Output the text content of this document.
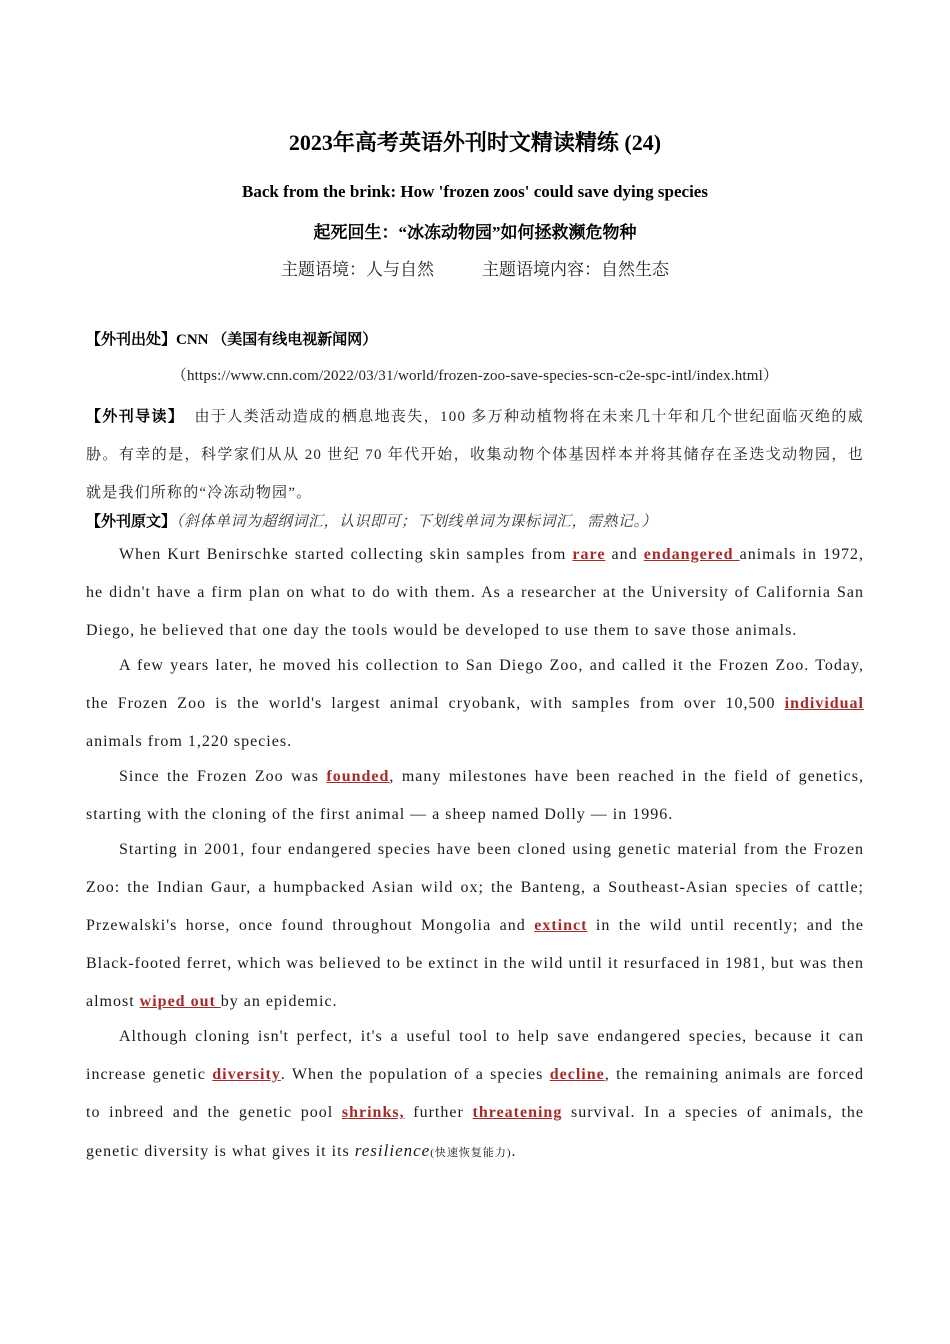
2023年高考英语外刊时文精读精练 (24)
Back from the brink: How 'frozen zoos' could save dying species
起死回生：“冰冻动物园”如何拯救濒危物种
主题语境：人与自然	主题语境内容：自然生态
【外刊出处】CNN （美国有线电视新闻网）
（https://www.cnn.com/2022/03/31/world/frozen-zoo-save-species-scn-c2e-spc-intl/index.html）
【外刊导读】 由于人类活动造成的栖息地丧失，100 多万种动植物将在未来几十年和几个世纪面临灭绝的威胁。有幸的是，科学家们从从 20 世纪 70 年代开始，收集动物个体基因样本并将其储存在圣迭戈动物园，也就是我们所称的“冷冻动物园”。
【外刊原文】（斜体单词为超纲词汇，认识即可；下划线单词为课标词汇，需熟记。）

When Kurt Benirschke started collecting skin samples from rare and endangered animals in 1972, he didn't have a firm plan on what to do with them. As a researcher at the University of California San Diego, he believed that one day the tools would be developed to use them to save those animals.

A few years later, he moved his collection to San Diego Zoo, and called it the Frozen Zoo. Today, the Frozen Zoo is the world's largest animal cryobank, with samples from over 10,500 individual animals from 1,220 species.

Since the Frozen Zoo was founded, many milestones have been reached in the field of genetics, starting with the cloning of the first animal — a sheep named Dolly — in 1996.

Starting in 2001, four endangered species have been cloned using genetic material from the Frozen Zoo: the Indian Gaur, a humpbacked Asian wild ox; the Banteng, a Southeast-Asian species of cattle; Przewalski's horse, once found throughout Mongolia and extinct in the wild until recently; and the Black-footed ferret, which was believed to be extinct in the wild until it resurfaced in 1981, but was then almost wiped out by an epidemic.

Although cloning isn't perfect, it's a useful tool to help save endangered species, because it can increase genetic diversity. When the population of a species decline, the remaining animals are forced to inbreed and the genetic pool shrinks, further threatening survival. In a species of animals, the genetic diversity is what gives it its resilience(快速恢复能力).
